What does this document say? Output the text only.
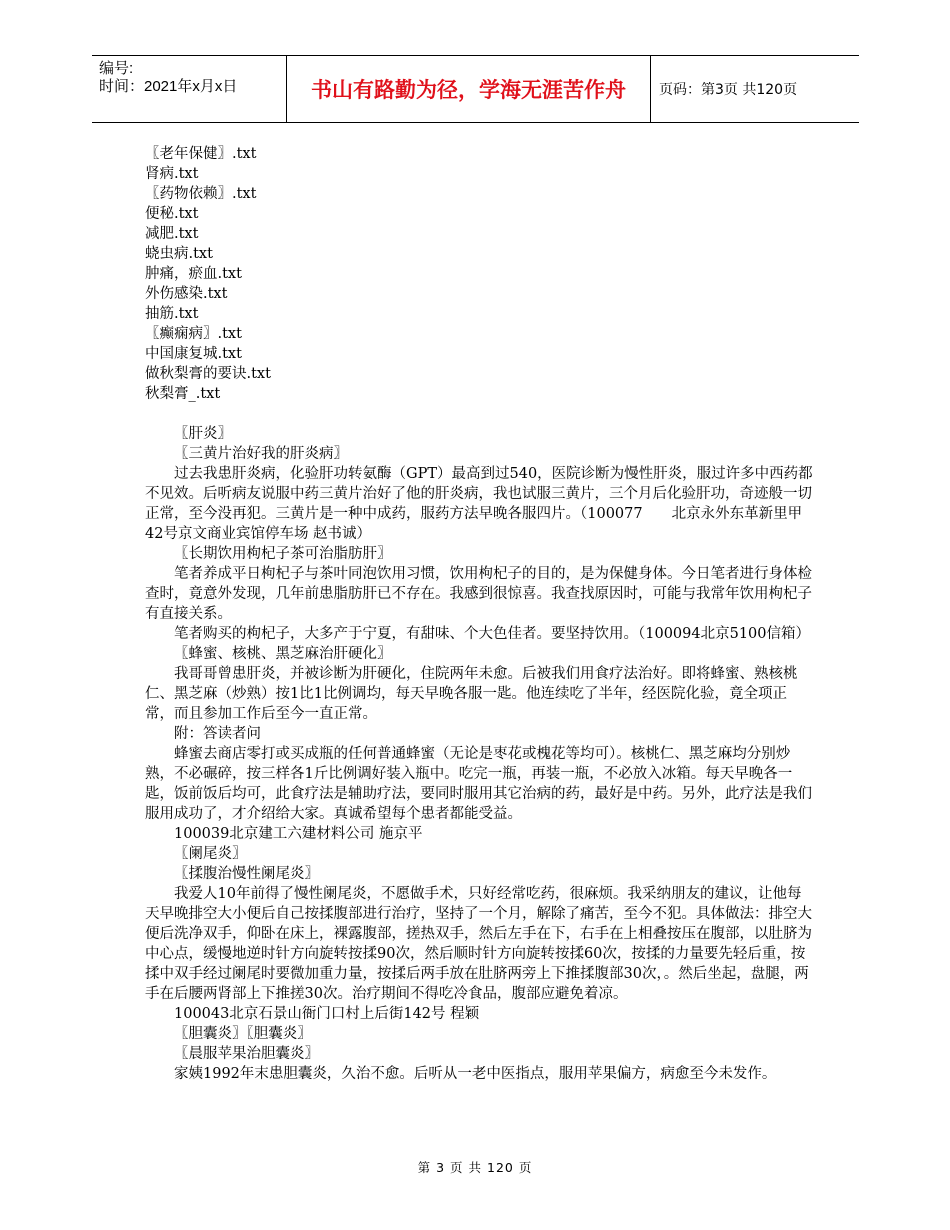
编号:
时间：2021年x月x日	书山有路勤为径，学海无涯苦作舟	页码：第3页 共120页
〖老年保健〗.txt
肾病.txt
〖药物依赖〗.txt
便秘.txt
减肥.txt
蛲虫病.txt
肿痛，瘀血.txt
外伤感染.txt
抽筋.txt
〖癫痫病〗.txt
中国康复城.txt
做秋梨膏的要诀.txt
秋梨膏_.txt

〖肝炎〗

〖三黄片治好我的肝炎病〗

过去我患肝炎病，化验肝功转氨酶（GPT）最高到过540，医院诊断为慢性肝炎，服过许多中西药都不见效。后听病友说服中药三黄片治好了他的肝炎病，我也试服三黄片，三个月后化验肝功，奇迹般一切正常，至今没再犯。三黄片是一种中成药，服药方法早晚各服四片。（100077　　北京永外东革新里甲42号京文商业宾馆停车场 赵书诚）

〖长期饮用枸杞子茶可治脂肪肝〗

笔者养成平日枸杞子与茶叶同泡饮用习惯，饮用枸杞子的目的，是为保健身体。今日笔者进行身体检查时，竟意外发现，几年前患脂肪肝已不存在。我感到很惊喜。我查找原因时，可能与我常年饮用枸杞子有直接关系。

笔者购买的枸杞子，大多产于宁夏，有甜味、个大色佳者。要坚持饮用。（100094北京5100信箱）

〖蜂蜜、核桃、黑芝麻治肝硬化〗

我哥哥曾患肝炎，并被诊断为肝硬化，住院两年未愈。后被我们用食疗法治好。即将蜂蜜、熟核桃仁、黑芝麻（炒熟）按1比1比例调均，每天早晚各服一匙。他连续吃了半年，经医院化验，竟全项正常，而且参加工作后至今一直正常。

附：答读者问

蜂蜜去商店零打或买成瓶的任何普通蜂蜜（无论是枣花或槐花等均可）。核桃仁、黑芝麻均分别炒熟，不必碾碎，按三样各1斤比例调好装入瓶中。吃完一瓶，再装一瓶，不必放入冰箱。每天早晚各一匙，饭前饭后均可，此食疗法是辅助疗法，要同时服用其它治病的药，最好是中药。另外，此疗法是我们服用成功了，才介绍给大家。真诚希望每个患者都能受益。

100039北京建工六建材料公司 施京平

〖阑尾炎〗

〖揉腹治慢性阑尾炎〗

我爱人10年前得了慢性阑尾炎，不愿做手术，只好经常吃药，很麻烦。我采纳朋友的建议，让他每天早晚排空大小便后自己按揉腹部进行治疗，坚持了一个月，解除了痛苦，至今不犯。具体做法：排空大便后洗净双手，仰卧在床上，裸露腹部，搓热双手，然后左手在下，右手在上相叠按压在腹部，以肚脐为中心点，缓慢地逆时针方向旋转按揉90次，然后顺时针方向旋转按揉60次，按揉的力量要先轻后重，按揉中双手经过阑尾时要微加重力量，按揉后两手放在肚脐两旁上下推揉腹部30次，。然后坐起，盘腿，两手在后腰两肾部上下推搓30次。治疗期间不得吃冷食品，腹部应避免着凉。

100043北京石景山衙门口村上后街142号 程颖

〖胆囊炎〗〖胆囊炎〗

〖晨服苹果治胆囊炎〗

家姨1992年末患胆囊炎，久治不愈。后听从一老中医指点，服用苹果偏方，病愈至今未发作。

第 3 页 共 120 页
